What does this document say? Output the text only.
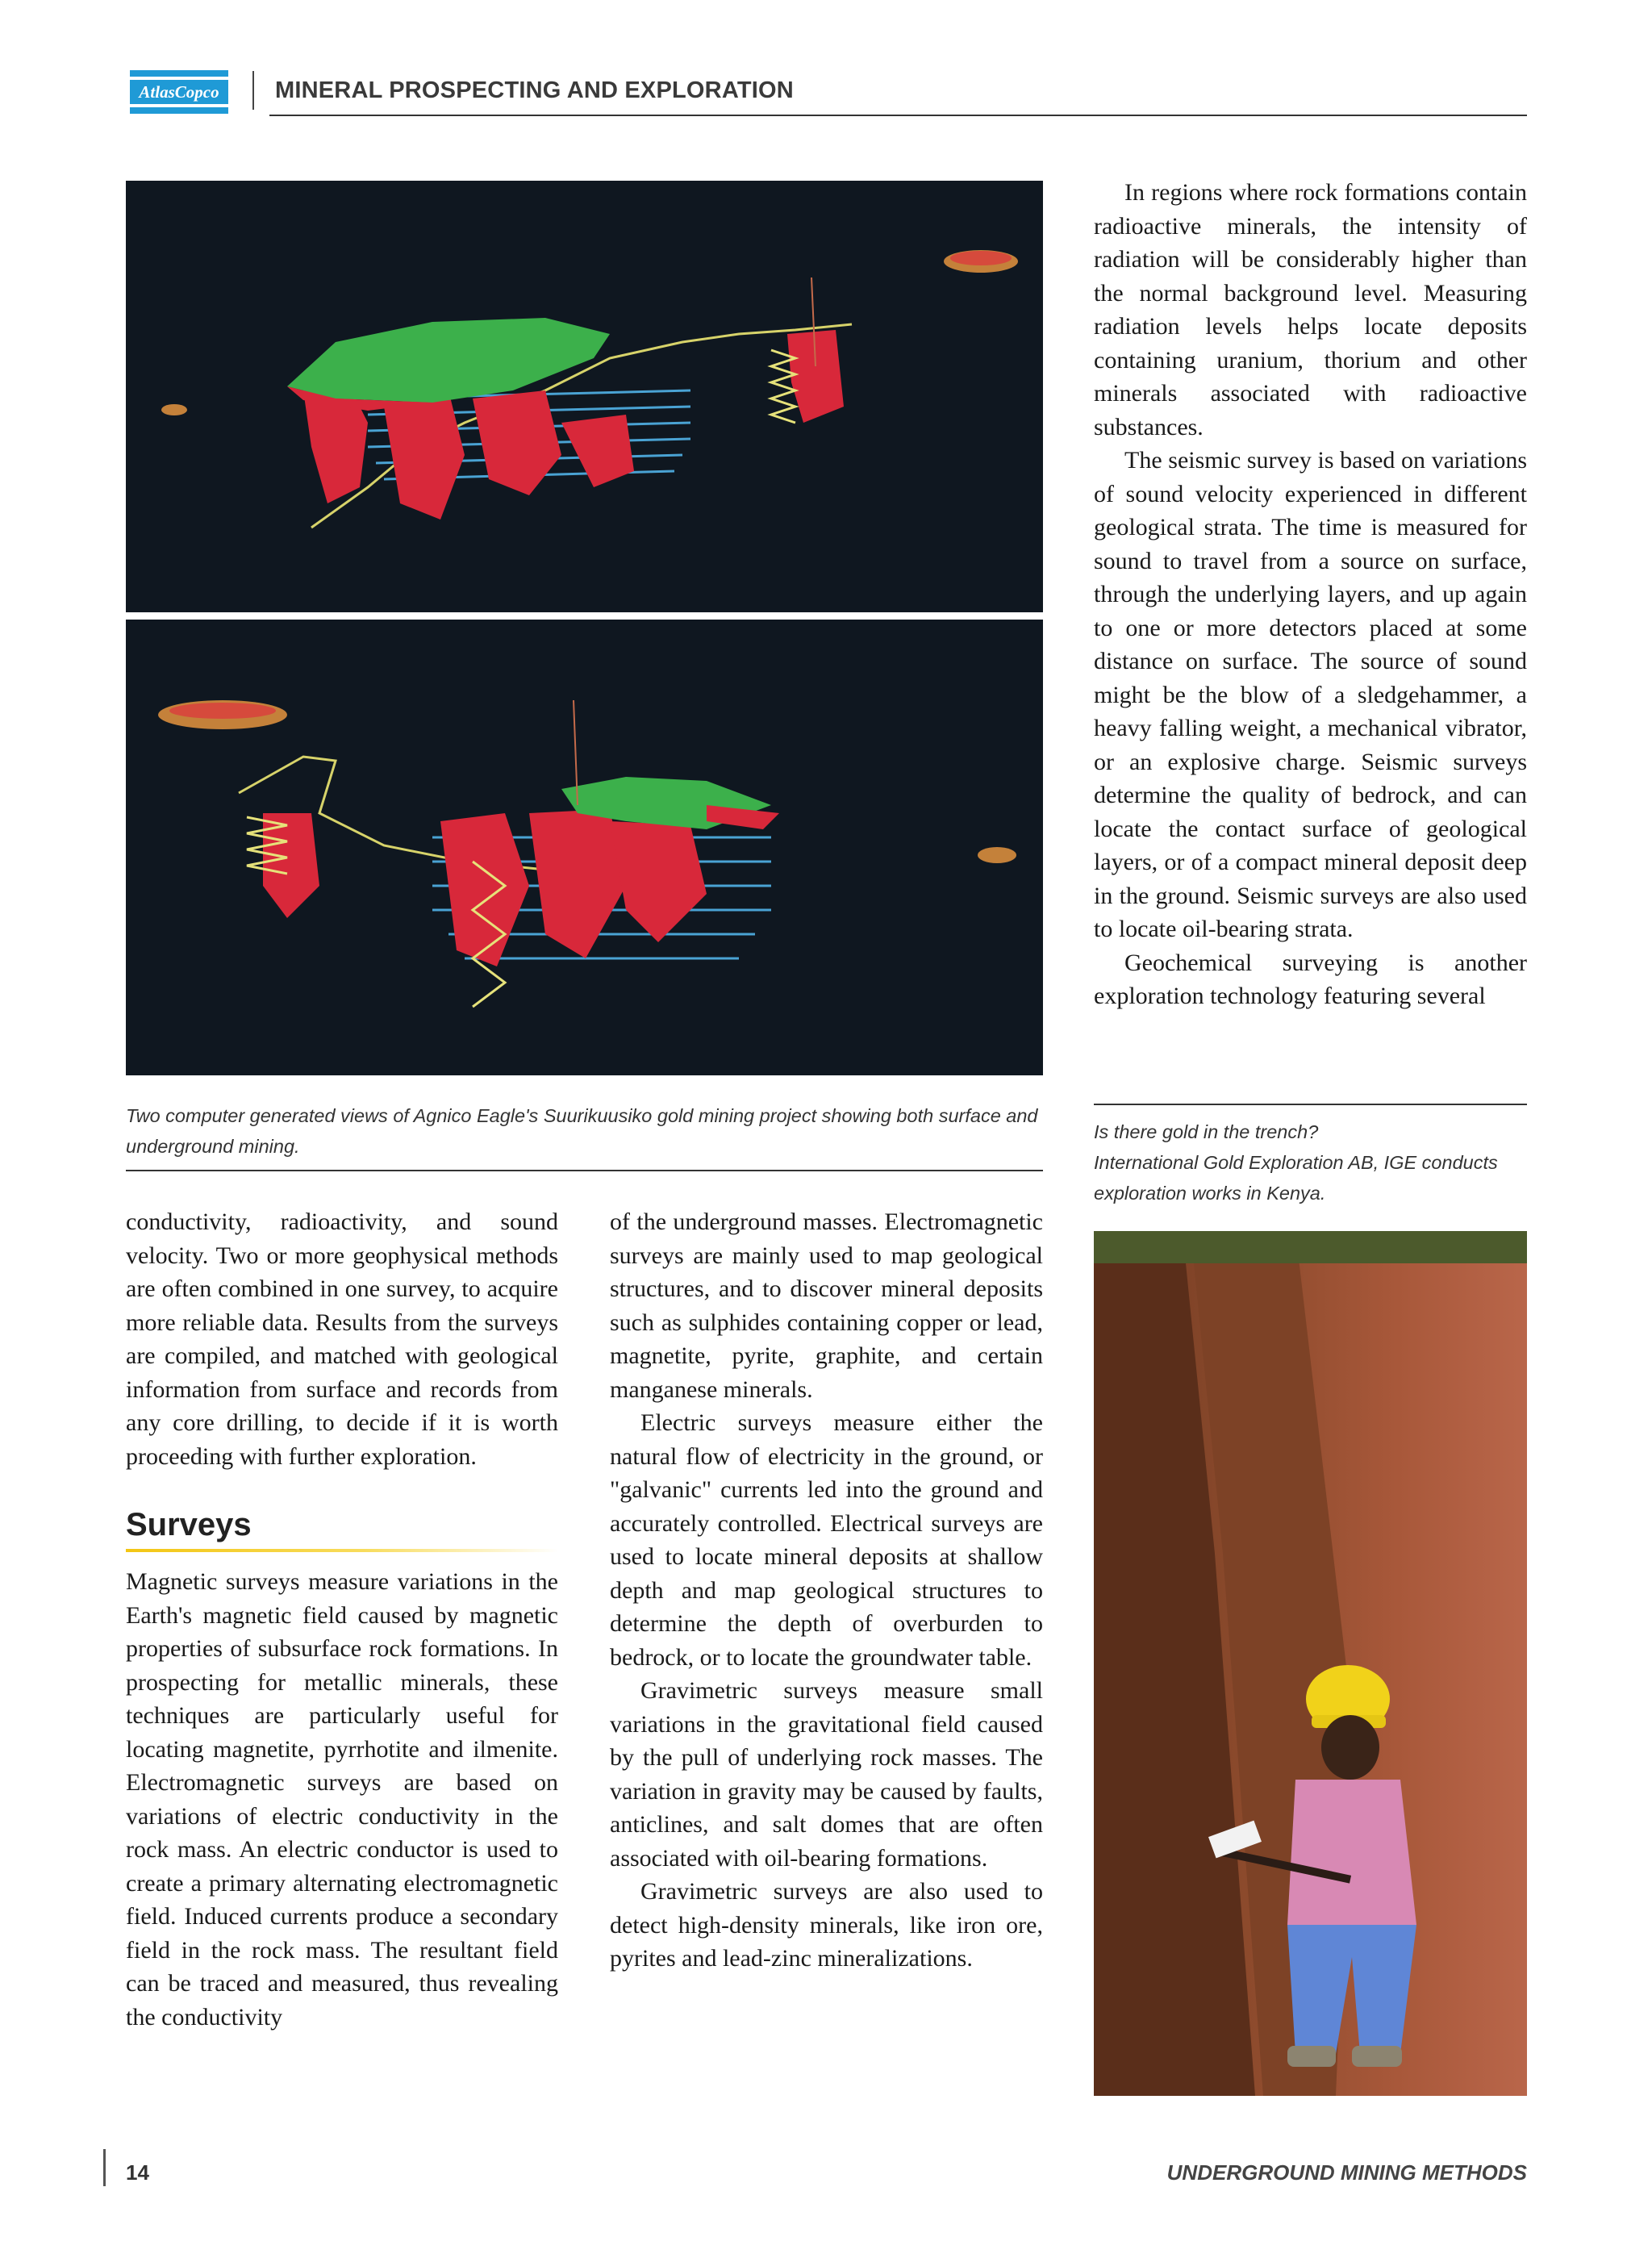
AtlasCopco MINERAL PROSPECTING AND EXPLORATION
Two computer generated views of Agnico Eagle's Suurikuusiko gold mining project showing both surface and underground mining.

In regions where rock formations contain radioactive minerals, the intensity of radiation will be considerably higher than the normal background level. Measuring radiation levels helps locate deposits containing uranium, thorium and other minerals associated with radioactive substances.

The seismic survey is based on variations of sound velocity experienced in different geological strata. The time is measured for sound to travel from a source on surface, through the underlying layers, and up again to one or more detectors placed at some distance on surface. The source of sound might be the blow of a sledgehammer, a heavy falling weight, a mechanical vibrator, or an explosive charge. Seismic surveys determine the quality of bedrock, and can locate the contact surface of geological layers, or of a compact mineral deposit deep in the ground. Seismic surveys are also used to locate oil-bearing strata.

Geochemical surveying is another exploration technology featuring several

Is there gold in the trench?
International Gold Exploration AB, IGE conducts exploration works in Kenya.

conductivity, radioactivity, and sound velocity. Two or more geophysical methods are often combined in one survey, to acquire more reliable data. Results from the surveys are compiled, and matched with geological information from surface and records from any core drilling, to decide if it is worth proceeding with further exploration.

Surveys

Magnetic surveys measure variations in the Earth's magnetic field caused by magnetic properties of subsurface rock formations. In prospecting for metallic minerals, these techniques are particularly useful for locating magnetite, pyrrhotite and ilmenite. Electromagnetic surveys are based on variations of electric conductivity in the rock mass. An electric conductor is used to create a primary alternating electromagnetic field. Induced currents produce a secondary field in the rock mass. The resultant field can be traced and measured, thus revealing the conductivity

of the underground masses. Electromagnetic surveys are mainly used to map geological structures, and to discover mineral deposits such as sulphides containing copper or lead, magnetite, pyrite, graphite, and certain manganese minerals.

Electric surveys measure either the natural flow of electricity in the ground, or "galvanic" currents led into the ground and accurately controlled. Electrical surveys are used to locate mineral deposits at shallow depth and map geological structures to determine the depth of overburden to bedrock, or to locate the groundwater table.

Gravimetric surveys measure small variations in the gravitational field caused by the pull of underlying rock masses. The variation in gravity may be caused by faults, anticlines, and salt domes that are often associated with oil-bearing formations.

Gravimetric surveys are also used to detect high-density minerals, like iron ore, pyrites and lead-zinc mineralizations.

14	UNDERGROUND MINING METHODS
